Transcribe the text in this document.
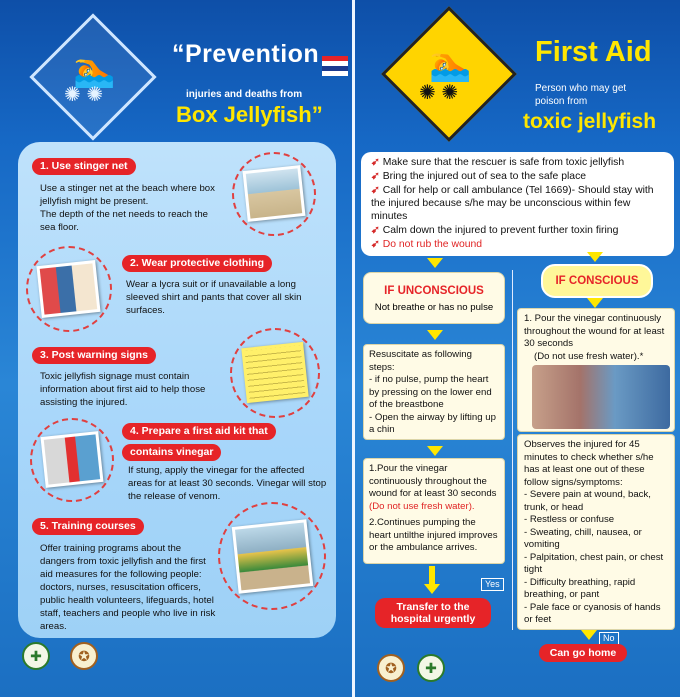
🏊
✺ ✺
“Prevention
injuries and deaths from
Box Jellyfish”
1. Use stinger net
Use a stinger net at the beach where box jellyfish might be present.
The depth of the net needs to reach the sea floor.
2. Wear protective clothing
Wear a lycra suit or if unavailable a long sleeved shirt and pants that cover all skin surfaces.
3. Post warning signs
Toxic jellyfish signage must contain information about first aid to help those assisting the injured.
4. Prepare a first aid kit that
contains vinegar
If stung, apply the vinegar for the affected areas for at least 30 seconds. Vinegar will stop the release of venom.
5. Training courses
Offer training programs about the dangers from toxic jellyfish and the first aid measures for the following people: doctors, nurses, resuscitation officers, public health volunteers, lifeguards, hotel staff, teachers and people who live in risk areas.
✚	✪
🏊
✺ ✺
First Aid
Person who may get poison from
toxic jellyfish
➹ Make sure that the rescuer is safe from toxic jellyfish
➹ Bring the injured out of sea to the safe place
➹ Call for help or call ambulance (Tel 1669)- Should stay with the injured because s/he may be unconscious within few minutes
➹ Calm down the injured to prevent further toxin firing
➹ Do not rub the wound
IF UNCONSCIOUS
Not breathe or has no pulse
Resuscitate as following steps:
- if no pulse, pump the heart by pressing on the lower end of the breastbone
- Open the airway by lifting up a chin
1.Pour the vinegar continuously throughout the wound for at least 30 seconds (Do not use fresh water).
2.Continues pumping the heart untilthe injured improves or the ambulance arrives.
Yes
Transfer to the hospital urgently
IF CONSCIOUS
1. Pour the vinegar continuously throughout the wound for at least 30 seconds
(Do not use fresh water).*
Observes the injured for 45 minutes to check whether s/he has at least one out of these follow signs/symptoms:
- Severe pain at wound, back, trunk, or head
- Restless or confuse
- Sweating, chill, nausea, or vomiting
- Palpitation, chest pain, or chest tight
- Difficulty breathing, rapid breathing, or pant
- Pale face or cyanosis of hands or feet
No
Can go home
✪	✚
